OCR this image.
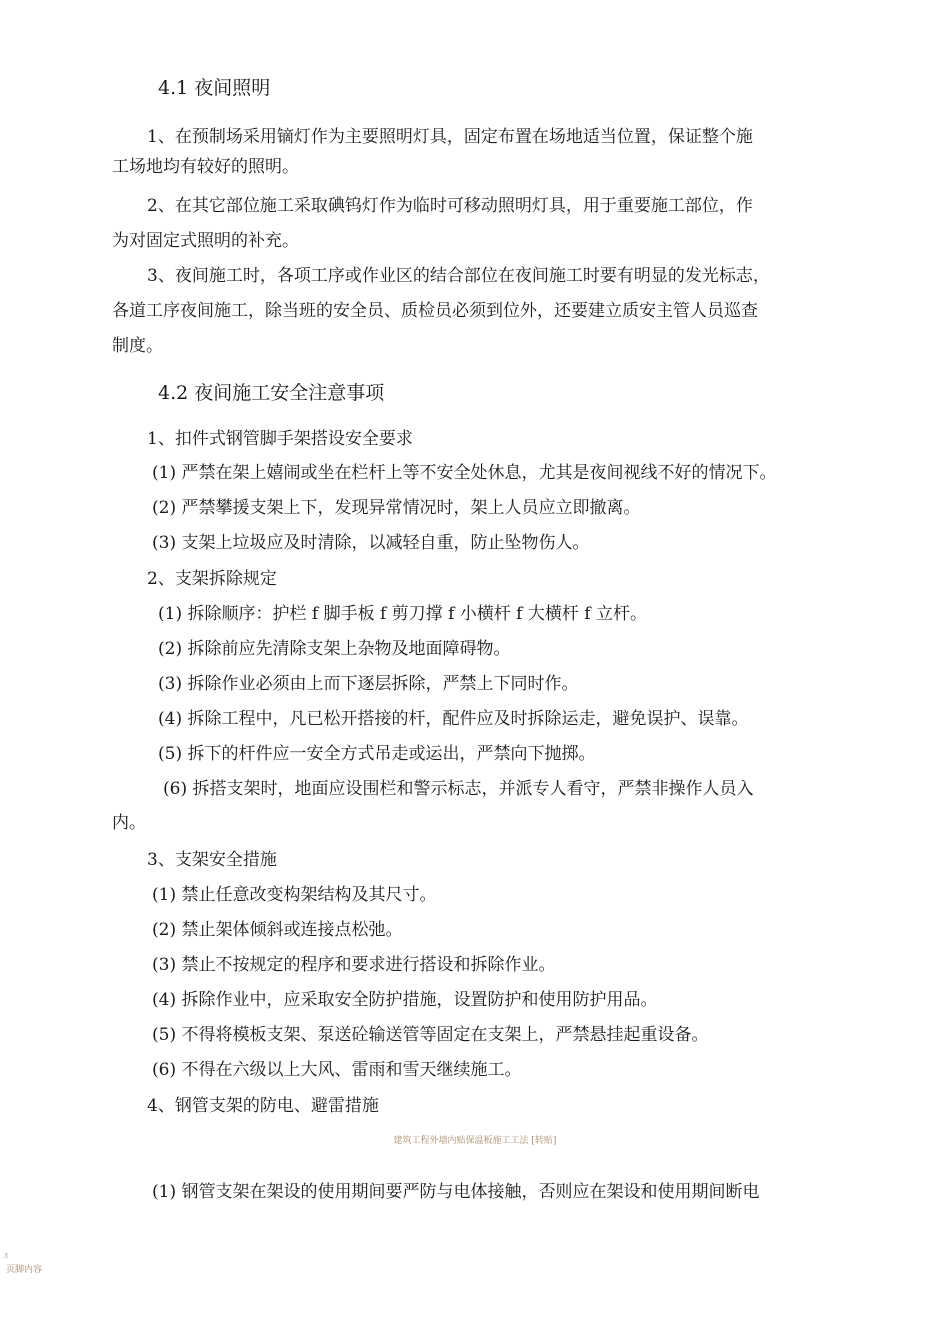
4.1 夜间照明
1、在预制场采用镝灯作为主要照明灯具，固定布置在场地适当位置，保证整个施
工场地均有较好的照明。
2、在其它部位施工采取碘钨灯作为临时可移动照明灯具，用于重要施工部位，作
为对固定式照明的补充。
3、夜间施工时，各项工序或作业区的结合部位在夜间施工时要有明显的发光标志，
各道工序夜间施工，除当班的安全员、质检员必须到位外，还要建立质安主管人员巡查
制度。
4.2 夜间施工安全注意事项
1、扣件式钢管脚手架搭设安全要求
(1) 严禁在架上嬉闹或坐在栏杆上等不安全处休息，尤其是夜间视线不好的情况下。
(2) 严禁攀援支架上下，发现异常情况时，架上人员应立即撤离。
(3) 支架上垃圾应及时清除，以减轻自重，防止坠物伤人。
2、支架拆除规定
(1) 拆除顺序：护栏 f 脚手板 f 剪刀撑 f 小横杆 f 大横杆 f 立杆。
(2) 拆除前应先清除支架上杂物及地面障碍物。
(3) 拆除作业必须由上而下逐层拆除，严禁上下同时作。
(4) 拆除工程中，凡已松开搭接的杆，配件应及时拆除运走，避免误护、误靠。
(5) 拆下的杆件应一安全方式吊走或运出，严禁向下抛掷。
(6) 拆搭支架时，地面应设围栏和警示标志，并派专人看守，严禁非操作人员入
内。
3、支架安全措施
(1) 禁止任意改变构架结构及其尺寸。
(2) 禁止架体倾斜或连接点松弛。
(3) 禁止不按规定的程序和要求进行搭设和拆除作业。
(4) 拆除作业中，应采取安全防护措施，设置防护和使用防护用品。
(5) 不得将模板支架、泵送砼输送管等固定在支架上，严禁悬挂起重设备。
(6) 不得在六级以上大风、雷雨和雪天继续施工。
4、钢管支架的防电、避雷措施
建筑工程外墙内贴保温板施工工法 [转贴]
(1) 钢管支架在架设的使用期间要严防与电体接触，否则应在架设和使用期间断电
3
页脚内容
